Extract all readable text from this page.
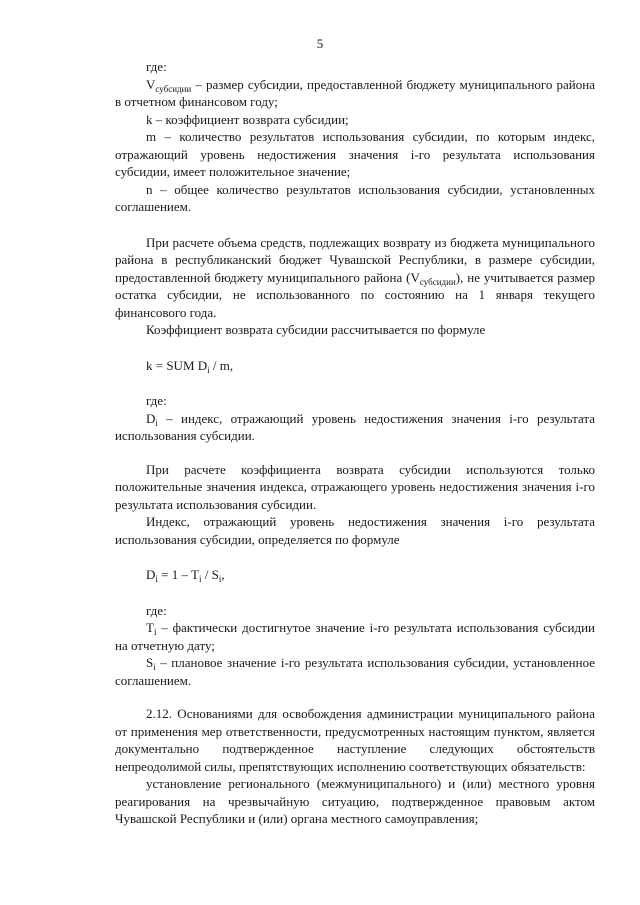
5

где:

$V_{субсидии}$ – размер субсидии, предоставленной бюджету муниципального района в отчетном финансовом году;

k – коэффициент возврата субсидии;

m – количество результатов использования субсидии, по которым индекс, отражающий уровень недостижения значения i-го результата использования субсидии, имеет положительное значение;

n – общее количество результатов использования субсидии, установленных соглашением.

При расчете объема средств, подлежащих возврату из бюджета муниципального района в республиканский бюджет Чувашской Республики, в размере субсидии, предоставленной бюджету муниципального района $(V_{субсидии})$, не учитывается размер остатка субсидии, не использованного по состоянию на 1 января текущего финансового года.

Коэффициент возврата субсидии рассчитывается по формуле

k = SUM $D_i$ / m,

где:

$D_i$ – индекс, отражающий уровень недостижения значения i-го результата использования субсидии.

При расчете коэффициента возврата субсидии используются только положительные значения индекса, отражающего уровень недостижения значения i-го результата использования субсидии.

Индекс, отражающий уровень недостижения значения i-го результата использования субсидии, определяется по формуле

$D_i = 1 - T_i / S_i$,

где:

$T_i$ – фактически достигнутое значение i-го результата использования субсидии на отчетную дату;

$S_i$ – плановое значение i-го результата использования субсидии, установленное соглашением.

2.12. Основаниями для освобождения администрации муниципального района от применения мер ответственности, предусмотренных настоящим пунктом, является документально подтвержденное наступление следующих обстоятельств непреодолимой силы, препятствующих исполнению соответствующих обязательств:

установление регионального (межмуниципального) и (или) местного уровня реагирования на чрезвычайную ситуацию, подтвержденное правовым актом Чувашской Республики и (или) органа местного самоуправления;
